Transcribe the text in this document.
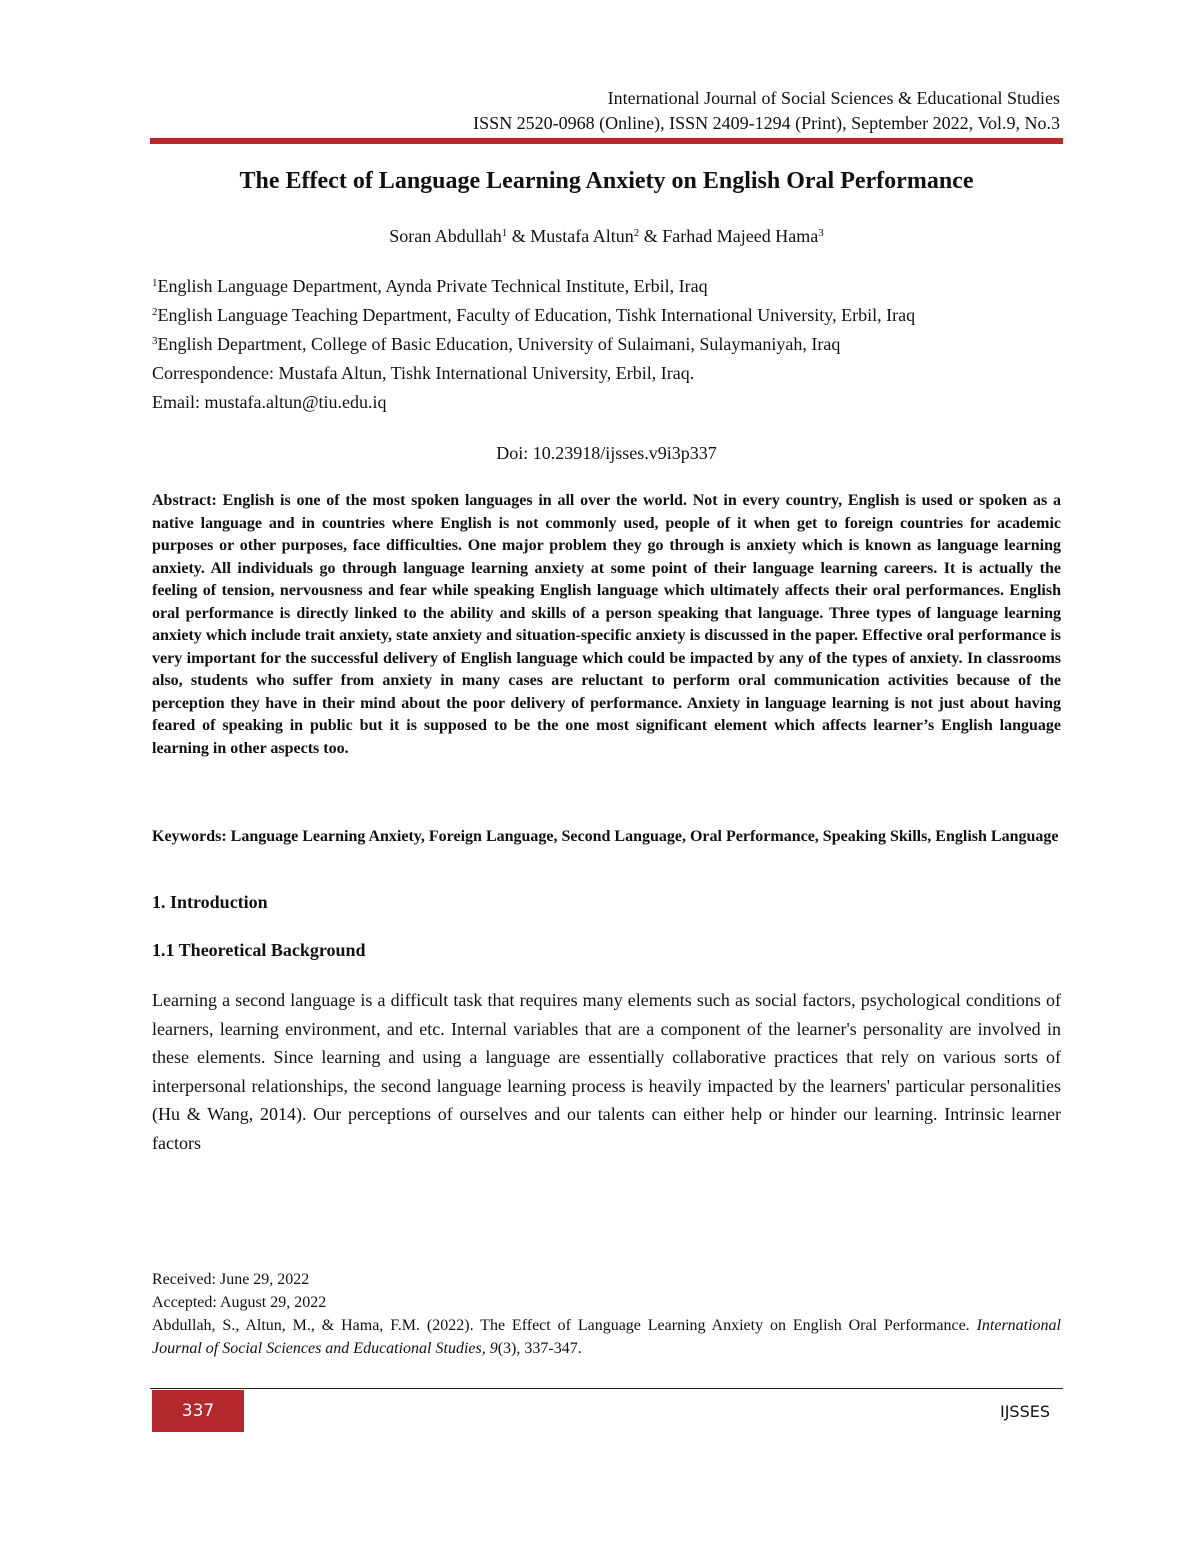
International Journal of Social Sciences & Educational Studies
ISSN 2520-0968 (Online), ISSN 2409-1294 (Print), September 2022, Vol.9, No.3
The Effect of Language Learning Anxiety on English Oral Performance
Soran Abdullah$^1$ & Mustafa Altun$^2$ & Farhad Majeed Hama$^3$
$^1$English Language Department, Aynda Private Technical Institute, Erbil, Iraq
$^2$English Language Teaching Department, Faculty of Education, Tishk International University, Erbil, Iraq
$^3$English Department, College of Basic Education, University of Sulaimani, Sulaymaniyah, Iraq
Correspondence: Mustafa Altun, Tishk International University, Erbil, Iraq.
Email: mustafa.altun@tiu.edu.iq
Doi: 10.23918/ijsses.v9i3p337
Abstract: English is one of the most spoken languages in all over the world. Not in every country, English is used or spoken as a native language and in countries where English is not commonly used, people of it when get to foreign countries for academic purposes or other purposes, face difficulties. One major problem they go through is anxiety which is known as language learning anxiety. All individuals go through language learning anxiety at some point of their language learning careers. It is actually the feeling of tension, nervousness and fear while speaking English language which ultimately affects their oral performances. English oral performance is directly linked to the ability and skills of a person speaking that language. Three types of language learning anxiety which include trait anxiety, state anxiety and situation-specific anxiety is discussed in the paper. Effective oral performance is very important for the successful delivery of English language which could be impacted by any of the types of anxiety. In classrooms also, students who suffer from anxiety in many cases are reluctant to perform oral communication activities because of the perception they have in their mind about the poor delivery of performance. Anxiety in language learning is not just about having feared of speaking in public but it is supposed to be the one most significant element which affects learner’s English language learning in other aspects too.
Keywords: Language Learning Anxiety, Foreign Language, Second Language, Oral Performance, Speaking Skills, English Language
1. Introduction
1.1 Theoretical Background
Learning a second language is a difficult task that requires many elements such as social factors, psychological conditions of learners, learning environment, and etc. Internal variables that are a component of the learner's personality are involved in these elements. Since learning and using a language are essentially collaborative practices that rely on various sorts of interpersonal relationships, the second language learning process is heavily impacted by the learners' particular personalities (Hu & Wang, 2014). Our perceptions of ourselves and our talents can either help or hinder our learning. Intrinsic learner factors
Received: June 29, 2022
Accepted: August 29, 2022
Abdullah, S., Altun, M., & Hama, F.M. (2022). The Effect of Language Learning Anxiety on English Oral Performance. International Journal of Social Sciences and Educational Studies, 9(3), 337-347.
337	IJSSES
